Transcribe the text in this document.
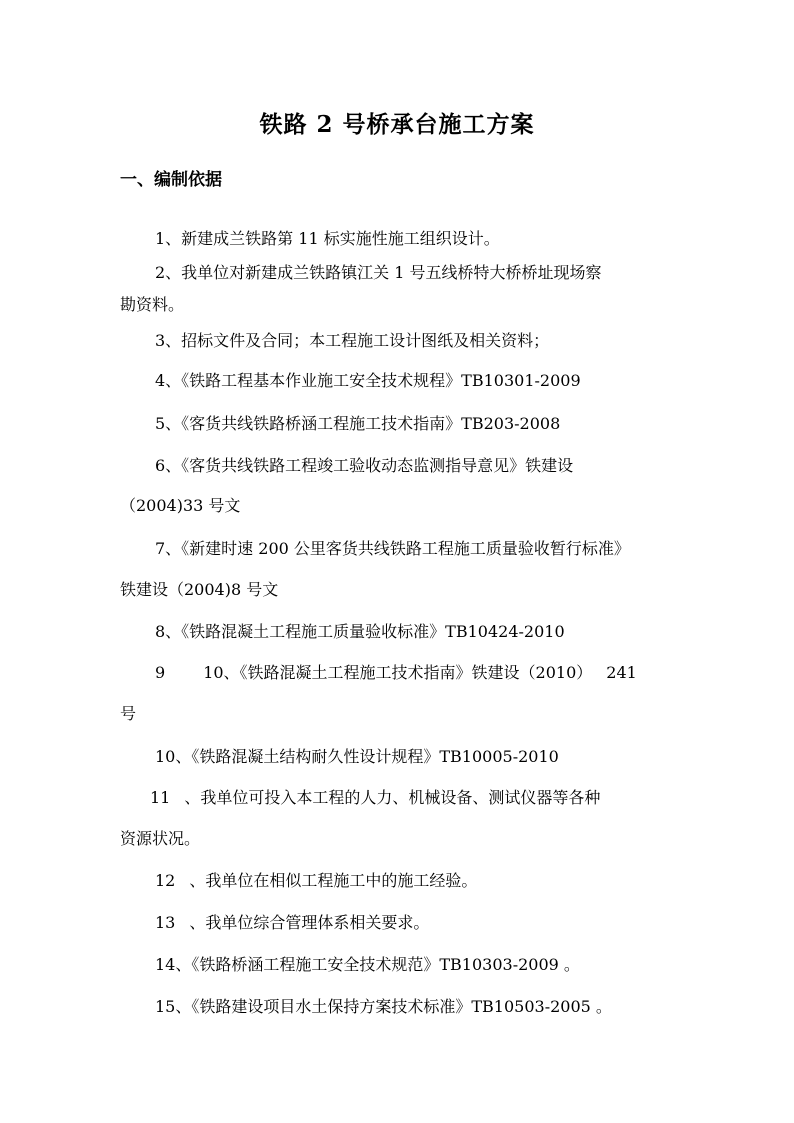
铁路 2 号桥承台施工方案
一、编制依据
1、新建成兰铁路第 11 标实施性施工组织设计。
2、我单位对新建成兰铁路镇江关 1 号五线桥特大桥桥址现场察
勘资料。
3、招标文件及合同；本工程施工设计图纸及相关资料；
4、《铁路工程基本作业施工安全技术规程》TB10301-2009
5、《客货共线铁路桥涵工程施工技术指南》TB203-2008
6、《客货共线铁路工程竣工验收动态监测指导意见》铁建设
（2004)33 号文
7、《新建时速 200 公里客货共线铁路工程施工质量验收暂行标准》
铁建设（2004)8 号文
8、《铁路混凝土工程施工质量验收标准》TB10424-2010
9 10、《铁路混凝土工程施工技术指南》铁建设（2010） 241
号
10、《铁路混凝土结构耐久性设计规程》TB10005-2010
11 、我单位可投入本工程的人力、机械设备、测试仪器等各种
资源状况。
12 、我单位在相似工程施工中的施工经验。
13 、我单位综合管理体系相关要求。
14、《铁路桥涵工程施工安全技术规范》TB10303-2009 。
15、《铁路建设项目水土保持方案技术标准》TB10503-2005 。
